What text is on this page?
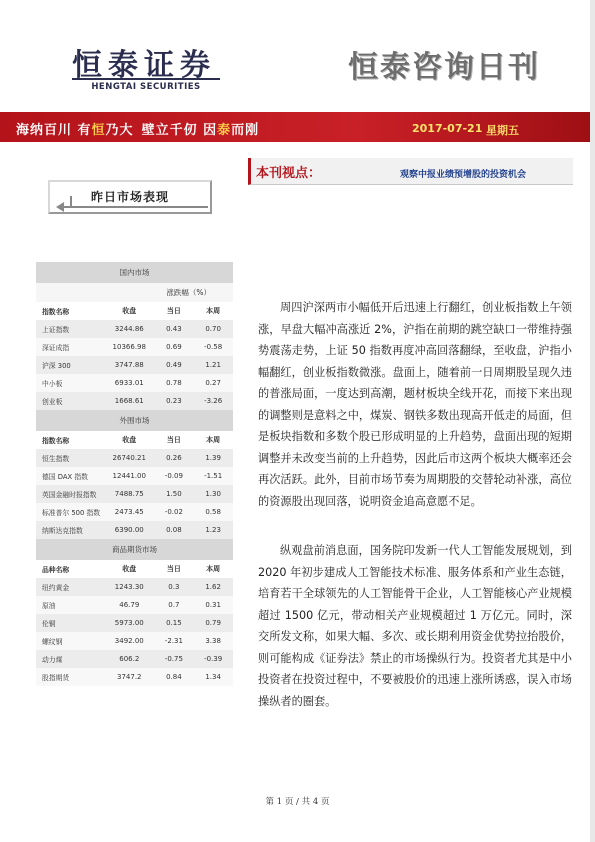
恒泰证券
HENGTAI SECURITIES
恒泰咨询日刊
海纳百川 有恒乃大 壁立千仞 因泰而刚	2017-07-21 星期五
本刊视点：	观察中报业绩预增股的投资机会
昨日市场表现
国内市场
涨跌幅（%）
指数名称	收盘	当日	本周
上证指数	3244.86	0.43	0.70
深证成指	10366.98	0.69	-0.58
沪深 300	3747.88	0.49	1.21
中小板	6933.01	0.78	0.27
创业板	1668.61	0.23	-3.26
外围市场
指数名称	收盘	当日	本周
恒生指数	26740.21	0.26	1.39
德国 DAX 指数	12441.00	-0.09	-1.51
英国金融时报指数	7488.75	1.50	1.30
标准普尔 500 指数	2473.45	-0.02	0.58
纳斯达克指数	6390.00	0.08	1.23
商品期货市场
品种名称	收盘	当日	本周
纽约黄金	1243.30	0.3	1.62
原油	46.79	0.7	0.31
伦铜	5973.00	0.15	0.79
螺纹钢	3492.00	-2.31	3.38
动力煤	606.2	-0.75	-0.39
股指期货	3747.2	0.84	1.34
周四沪深两市小幅低开后迅速上行翻红，创业板指数上午领涨，早盘大幅冲高涨近 2%，沪指在前期的跳空缺口一带维持强势震荡走势，上证 50 指数再度冲高回落翻绿，至收盘，沪指小幅翻红，创业板指数微涨。盘面上，随着前一日周期股呈现久违的普涨局面，一度达到高潮，题材板块全线开花，而接下来出现的调整则是意料之中，煤炭、钢铁多数出现高开低走的局面，但是板块指数和多数个股已形成明显的上升趋势，盘面出现的短期调整并未改变当前的上升趋势，因此后市这两个板块大概率还会再次活跃。此外，目前市场节奏为周期股的交替轮动补涨，高位的资源股出现回落，说明资金追高意愿不足。
纵观盘前消息面，国务院印发新一代人工智能发展规划，到 2020 年初步建成人工智能技术标准、服务体系和产业生态链，培育若干全球领先的人工智能骨干企业，人工智能核心产业规模超过 1500 亿元，带动相关产业规模超过 1 万亿元。同时，深交所发文称，如果大幅、多次、或长期利用资金优势拉抬股价，则可能构成《证券法》禁止的市场操纵行为。投资者尤其是中小投资者在投资过程中，不要被股价的迅速上涨所诱惑，误入市场操纵者的圈套。
第 1 页 / 共 4 页
